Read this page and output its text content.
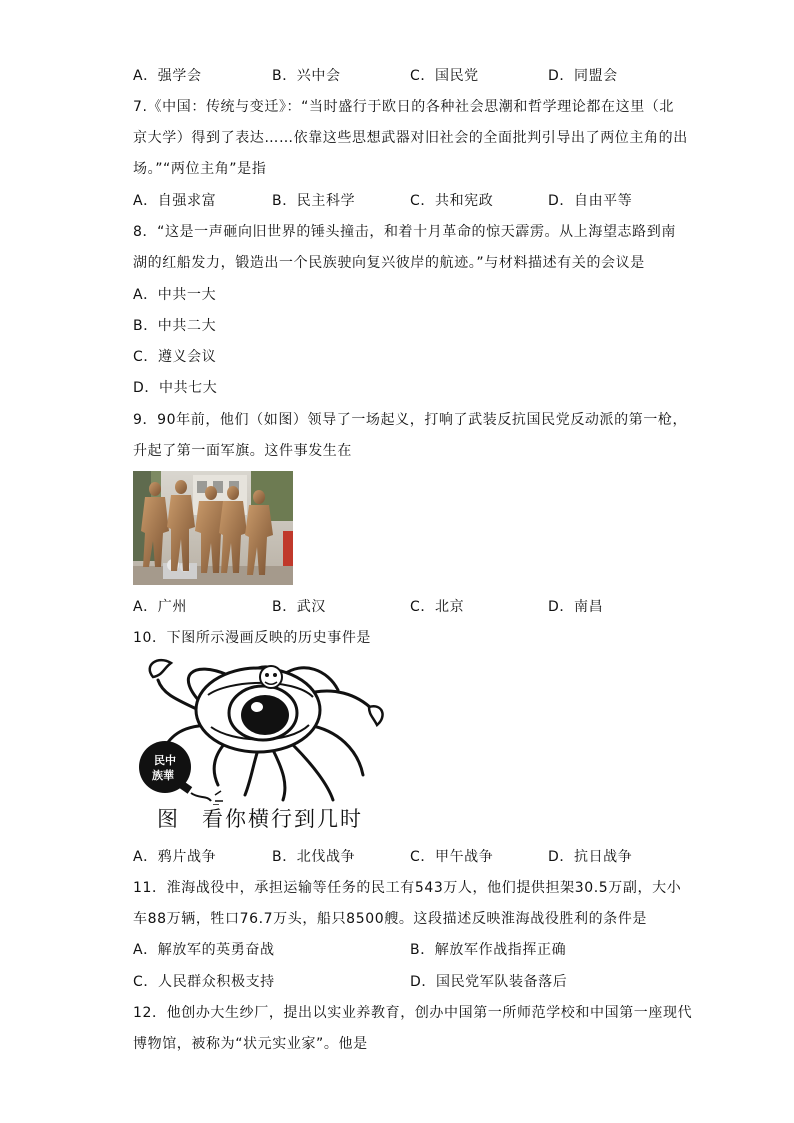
A．强学会	B．兴中会	C．国民党	D．同盟会
7.《中国：传统与变迁》：“当时盛行于欧日的各种社会思潮和哲学理论都在这里（北
京大学）得到了表达……依靠这些思想武器对旧社会的全面批判引导出了两位主角的出
场。”“两位主角”是指
A．自强求富	B．民主科学	C．共和宪政	D．自由平等
8．“这是一声砸向旧世界的锤头撞击，和着十月革命的惊天霹雳。从上海望志路到南
湖的红船发力，锻造出一个民族驶向复兴彼岸的航迹。”与材料描述有关的会议是
A．中共一大
B．中共二大
C．遵义会议
D．中共七大
9．90年前，他们（如图）领导了一场起义，打响了武装反抗国民党反动派的第一枪，
升起了第一面军旗。这件事发生在
A．广州	B．武汉	C．北京	D．南昌
10．下图所示漫画反映的历史事件是
民中
族華
图 看你横行到几时
A．鸦片战争	B．北伐战争	C．甲午战争	D．抗日战争
11．淮海战役中，承担运输等任务的民工有543万人，他们提供担架30.5万副，大小
车88万辆，牲口76.7万头，船只8500艘。这段描述反映淮海战役胜利的条件是
A．解放军的英勇奋战	B．解放军作战指挥正确
C．人民群众积极支持	D．国民党军队装备落后
12．他创办大生纱厂，提出以实业养教育，创办中国第一所师范学校和中国第一座现代
博物馆，被称为“状元实业家”。他是
